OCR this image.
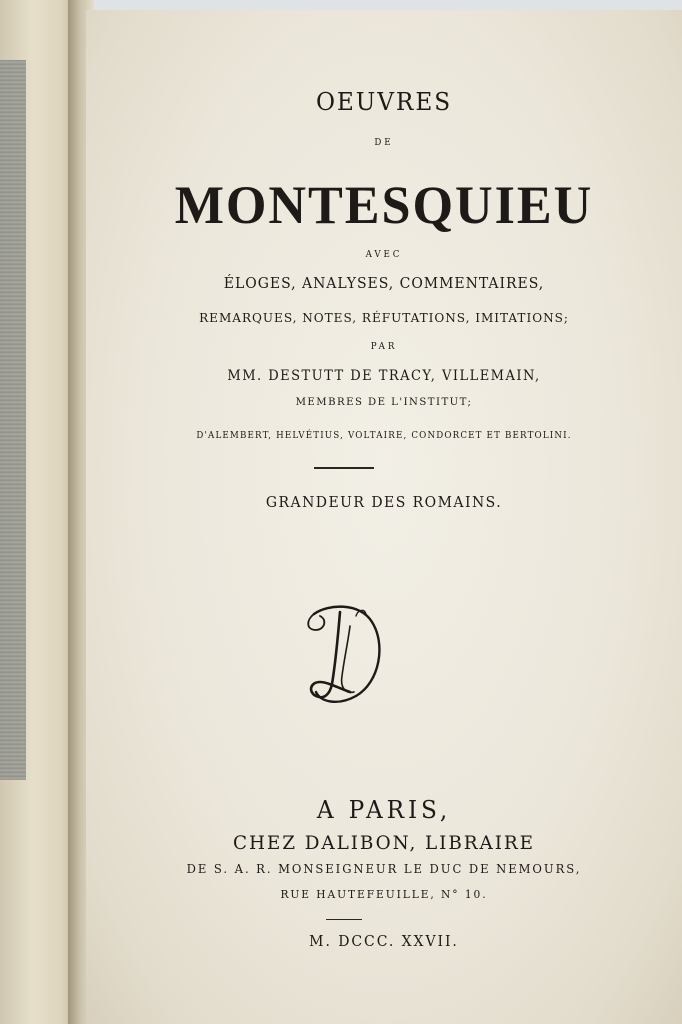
OEUVRES
DE
MONTESQUIEU
AVEC
ÉLOGES, ANALYSES, COMMENTAIRES,
REMARQUES, NOTES, RÉFUTATIONS, IMITATIONS;
PAR
MM. DESTUTT DE TRACY, VILLEMAIN,
MEMBRES DE L'INSTITUT;
D'ALEMBERT, HELVÉTIUS, VOLTAIRE, CONDORCET ET BERTOLINI.
GRANDEUR DES ROMAINS.
A PARIS,
CHEZ DALIBON, LIBRAIRE
DE S. A. R. MONSEIGNEUR LE DUC DE NEMOURS,
RUE HAUTEFEUILLE, N° 10.
M. DCCC. XXVII.
